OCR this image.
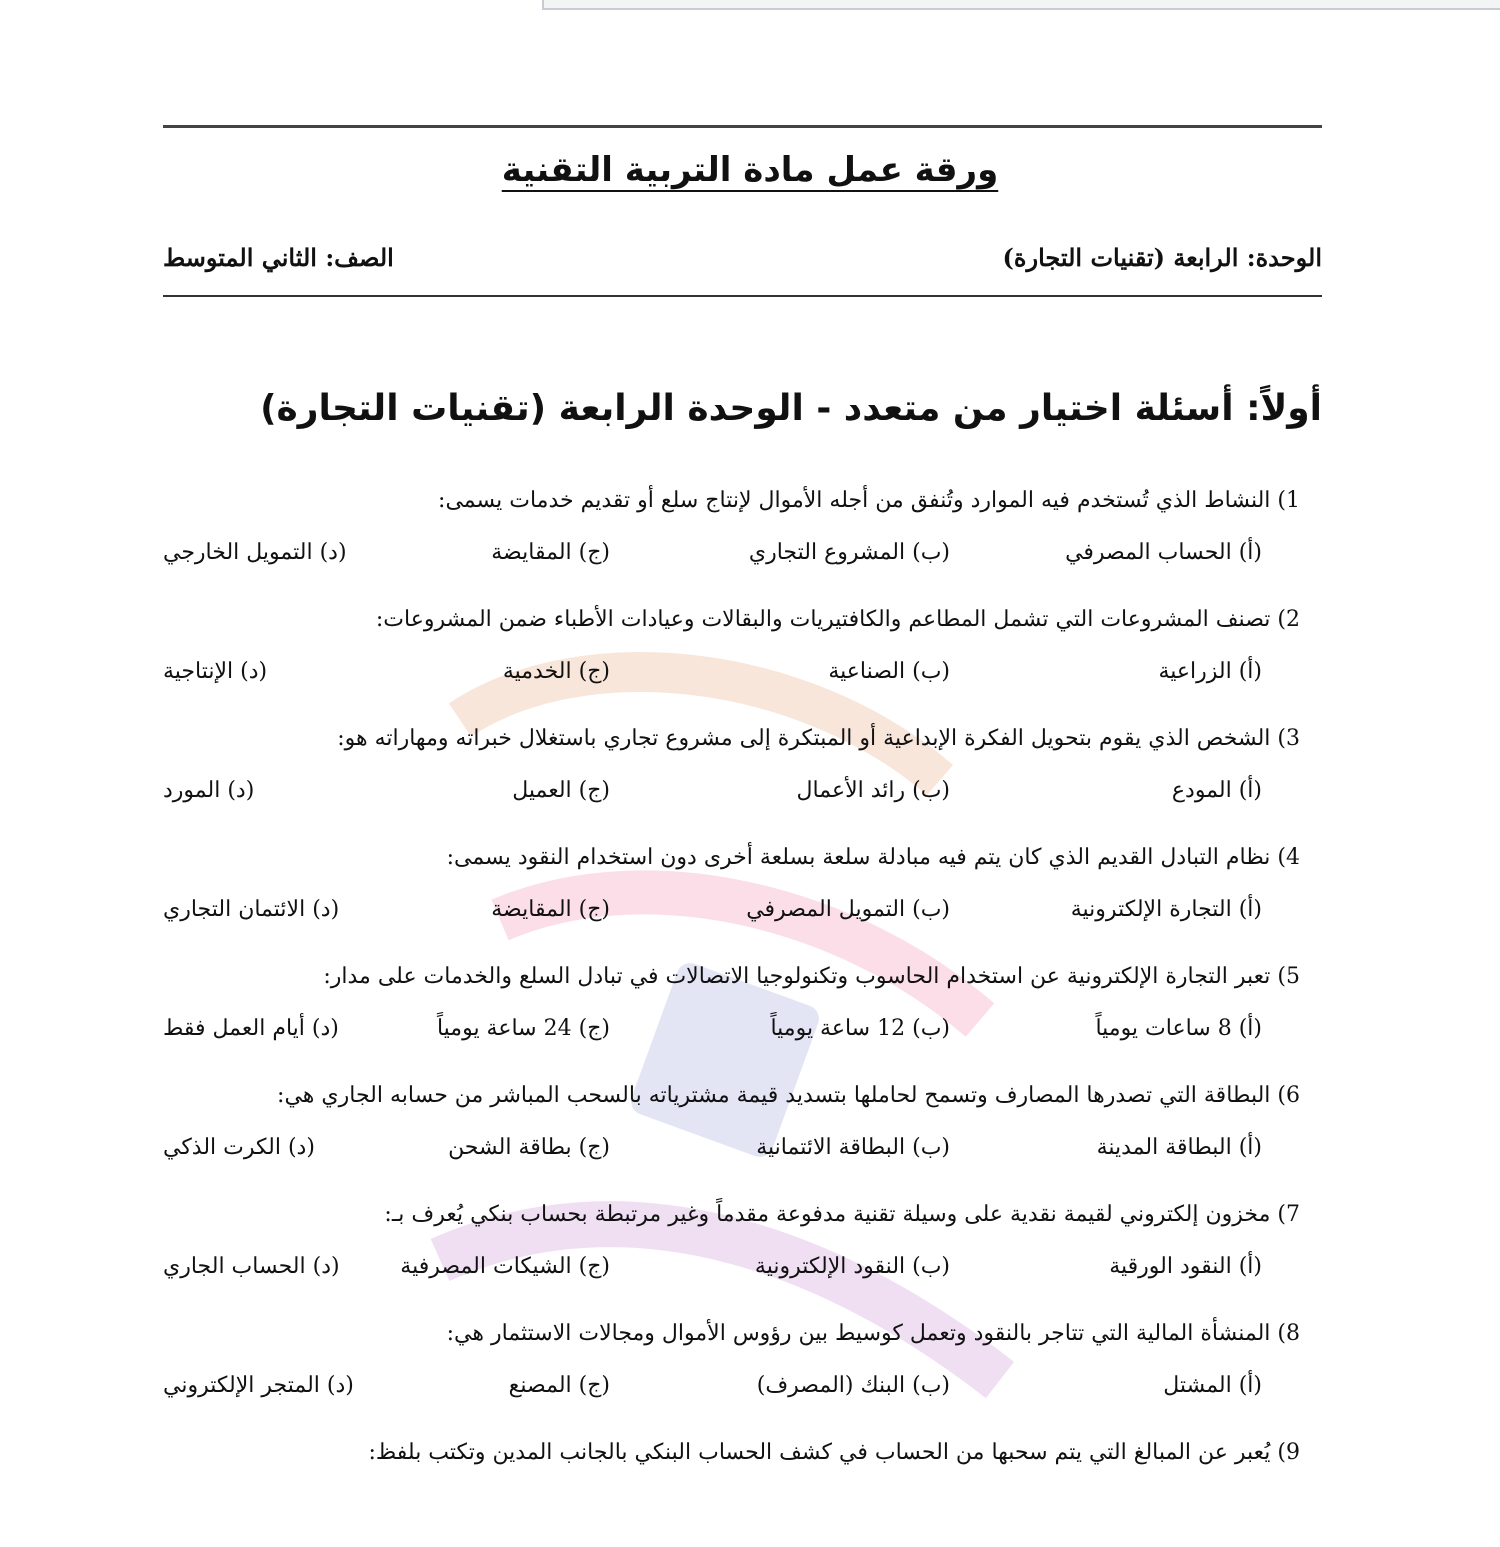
ورقة عمل مادة التربية التقنية
الوحدة: الرابعة (تقنيات التجارة)
الصف: الثاني المتوسط
أولاً: أسئلة اختيار من متعدد - الوحدة الرابعة (تقنيات التجارة)
1) النشاط الذي تُستخدم فيه الموارد وتُنفق من أجله الأموال لإنتاج سلع أو تقديم خدمات يسمى:
(أ) الحساب المصرفي
(ب) المشروع التجاري
(ج) المقايضة
(د) التمويل الخارجي
2) تصنف المشروعات التي تشمل المطاعم والكافتيريات والبقالات وعيادات الأطباء ضمن المشروعات:
(أ) الزراعية
(ب) الصناعية
(ج) الخدمية
(د) الإنتاجية
3) الشخص الذي يقوم بتحويل الفكرة الإبداعية أو المبتكرة إلى مشروع تجاري باستغلال خبراته ومهاراته هو:
(أ) المودع
(ب) رائد الأعمال
(ج) العميل
(د) المورد
4) نظام التبادل القديم الذي كان يتم فيه مبادلة سلعة بسلعة أخرى دون استخدام النقود يسمى:
(أ) التجارة الإلكترونية
(ب) التمويل المصرفي
(ج) المقايضة
(د) الائتمان التجاري
5) تعبر التجارة الإلكترونية عن استخدام الحاسوب وتكنولوجيا الاتصالات في تبادل السلع والخدمات على مدار:
(أ) 8 ساعات يومياً
(ب) 12 ساعة يومياً
(ج) 24 ساعة يومياً
(د) أيام العمل فقط
6) البطاقة التي تصدرها المصارف وتسمح لحاملها بتسديد قيمة مشترياته بالسحب المباشر من حسابه الجاري هي:
(أ) البطاقة المدينة
(ب) البطاقة الائتمانية
(ج) بطاقة الشحن
(د) الكرت الذكي
7) مخزون إلكتروني لقيمة نقدية على وسيلة تقنية مدفوعة مقدماً وغير مرتبطة بحساب بنكي يُعرف بـ:
(أ) النقود الورقية
(ب) النقود الإلكترونية
(ج) الشيكات المصرفية
(د) الحساب الجاري
8) المنشأة المالية التي تتاجر بالنقود وتعمل كوسيط بين رؤوس الأموال ومجالات الاستثمار هي:
(أ) المشتل
(ب) البنك (المصرف)
(ج) المصنع
(د) المتجر الإلكتروني
9) يُعبر عن المبالغ التي يتم سحبها من الحساب في كشف الحساب البنكي بالجانب المدين وتكتب بلفظ:
